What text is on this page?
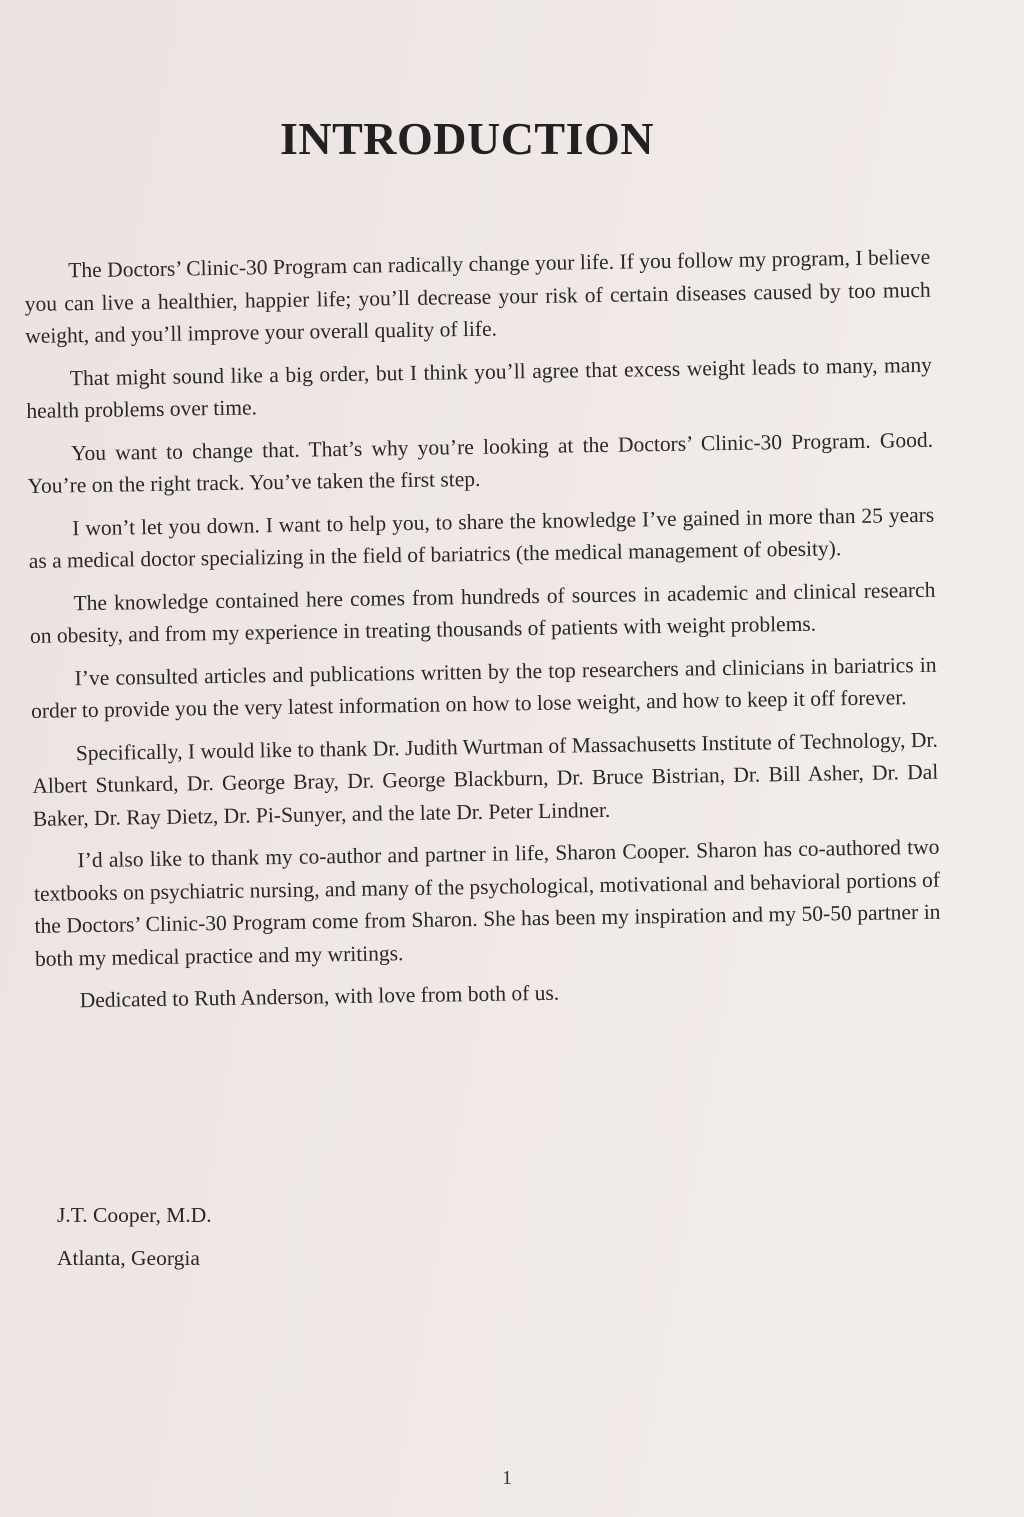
INTRODUCTION

The Doctors’ Clinic-30 Program can radically change your life. If you follow my program, I believe you can live a healthier, happier life; you’ll decrease your risk of certain diseases caused by too much weight, and you’ll improve your overall quality of life.

That might sound like a big order, but I think you’ll agree that excess weight leads to many, many health problems over time.

You want to change that. That’s why you’re looking at the Doctors’ Clinic-30 Program. Good. You’re on the right track. You’ve taken the first step.

I won’t let you down. I want to help you, to share the knowledge I’ve gained in more than 25 years as a medical doctor specializing in the field of bariatrics (the medical management of obesity).

The knowledge contained here comes from hundreds of sources in academic and clinical research on obesity, and from my experience in treating thousands of patients with weight problems.

I’ve consulted articles and publications written by the top researchers and clinicians in bariatrics in order to provide you the very latest information on how to lose weight, and how to keep it off forever.

Specifically, I would like to thank Dr. Judith Wurtman of Massachusetts Institute of Technology, Dr. Albert Stunkard, Dr. George Bray, Dr. George Blackburn, Dr. Bruce Bistrian, Dr. Bill Asher, Dr. Dal Baker, Dr. Ray Dietz, Dr. Pi-Sunyer, and the late Dr. Peter Lindner.

I’d also like to thank my co-author and partner in life, Sharon Cooper. Sharon has co-authored two textbooks on psychiatric nursing, and many of the psychological, motivational and behavioral portions of the Doctors’ Clinic-30 Program come from Sharon. She has been my inspiration and my 50-50 partner in both my medical practice and my writings.

Dedicated to Ruth Anderson, with love from both of us.

J.T. Cooper, M.D.
Atlanta, Georgia
1
